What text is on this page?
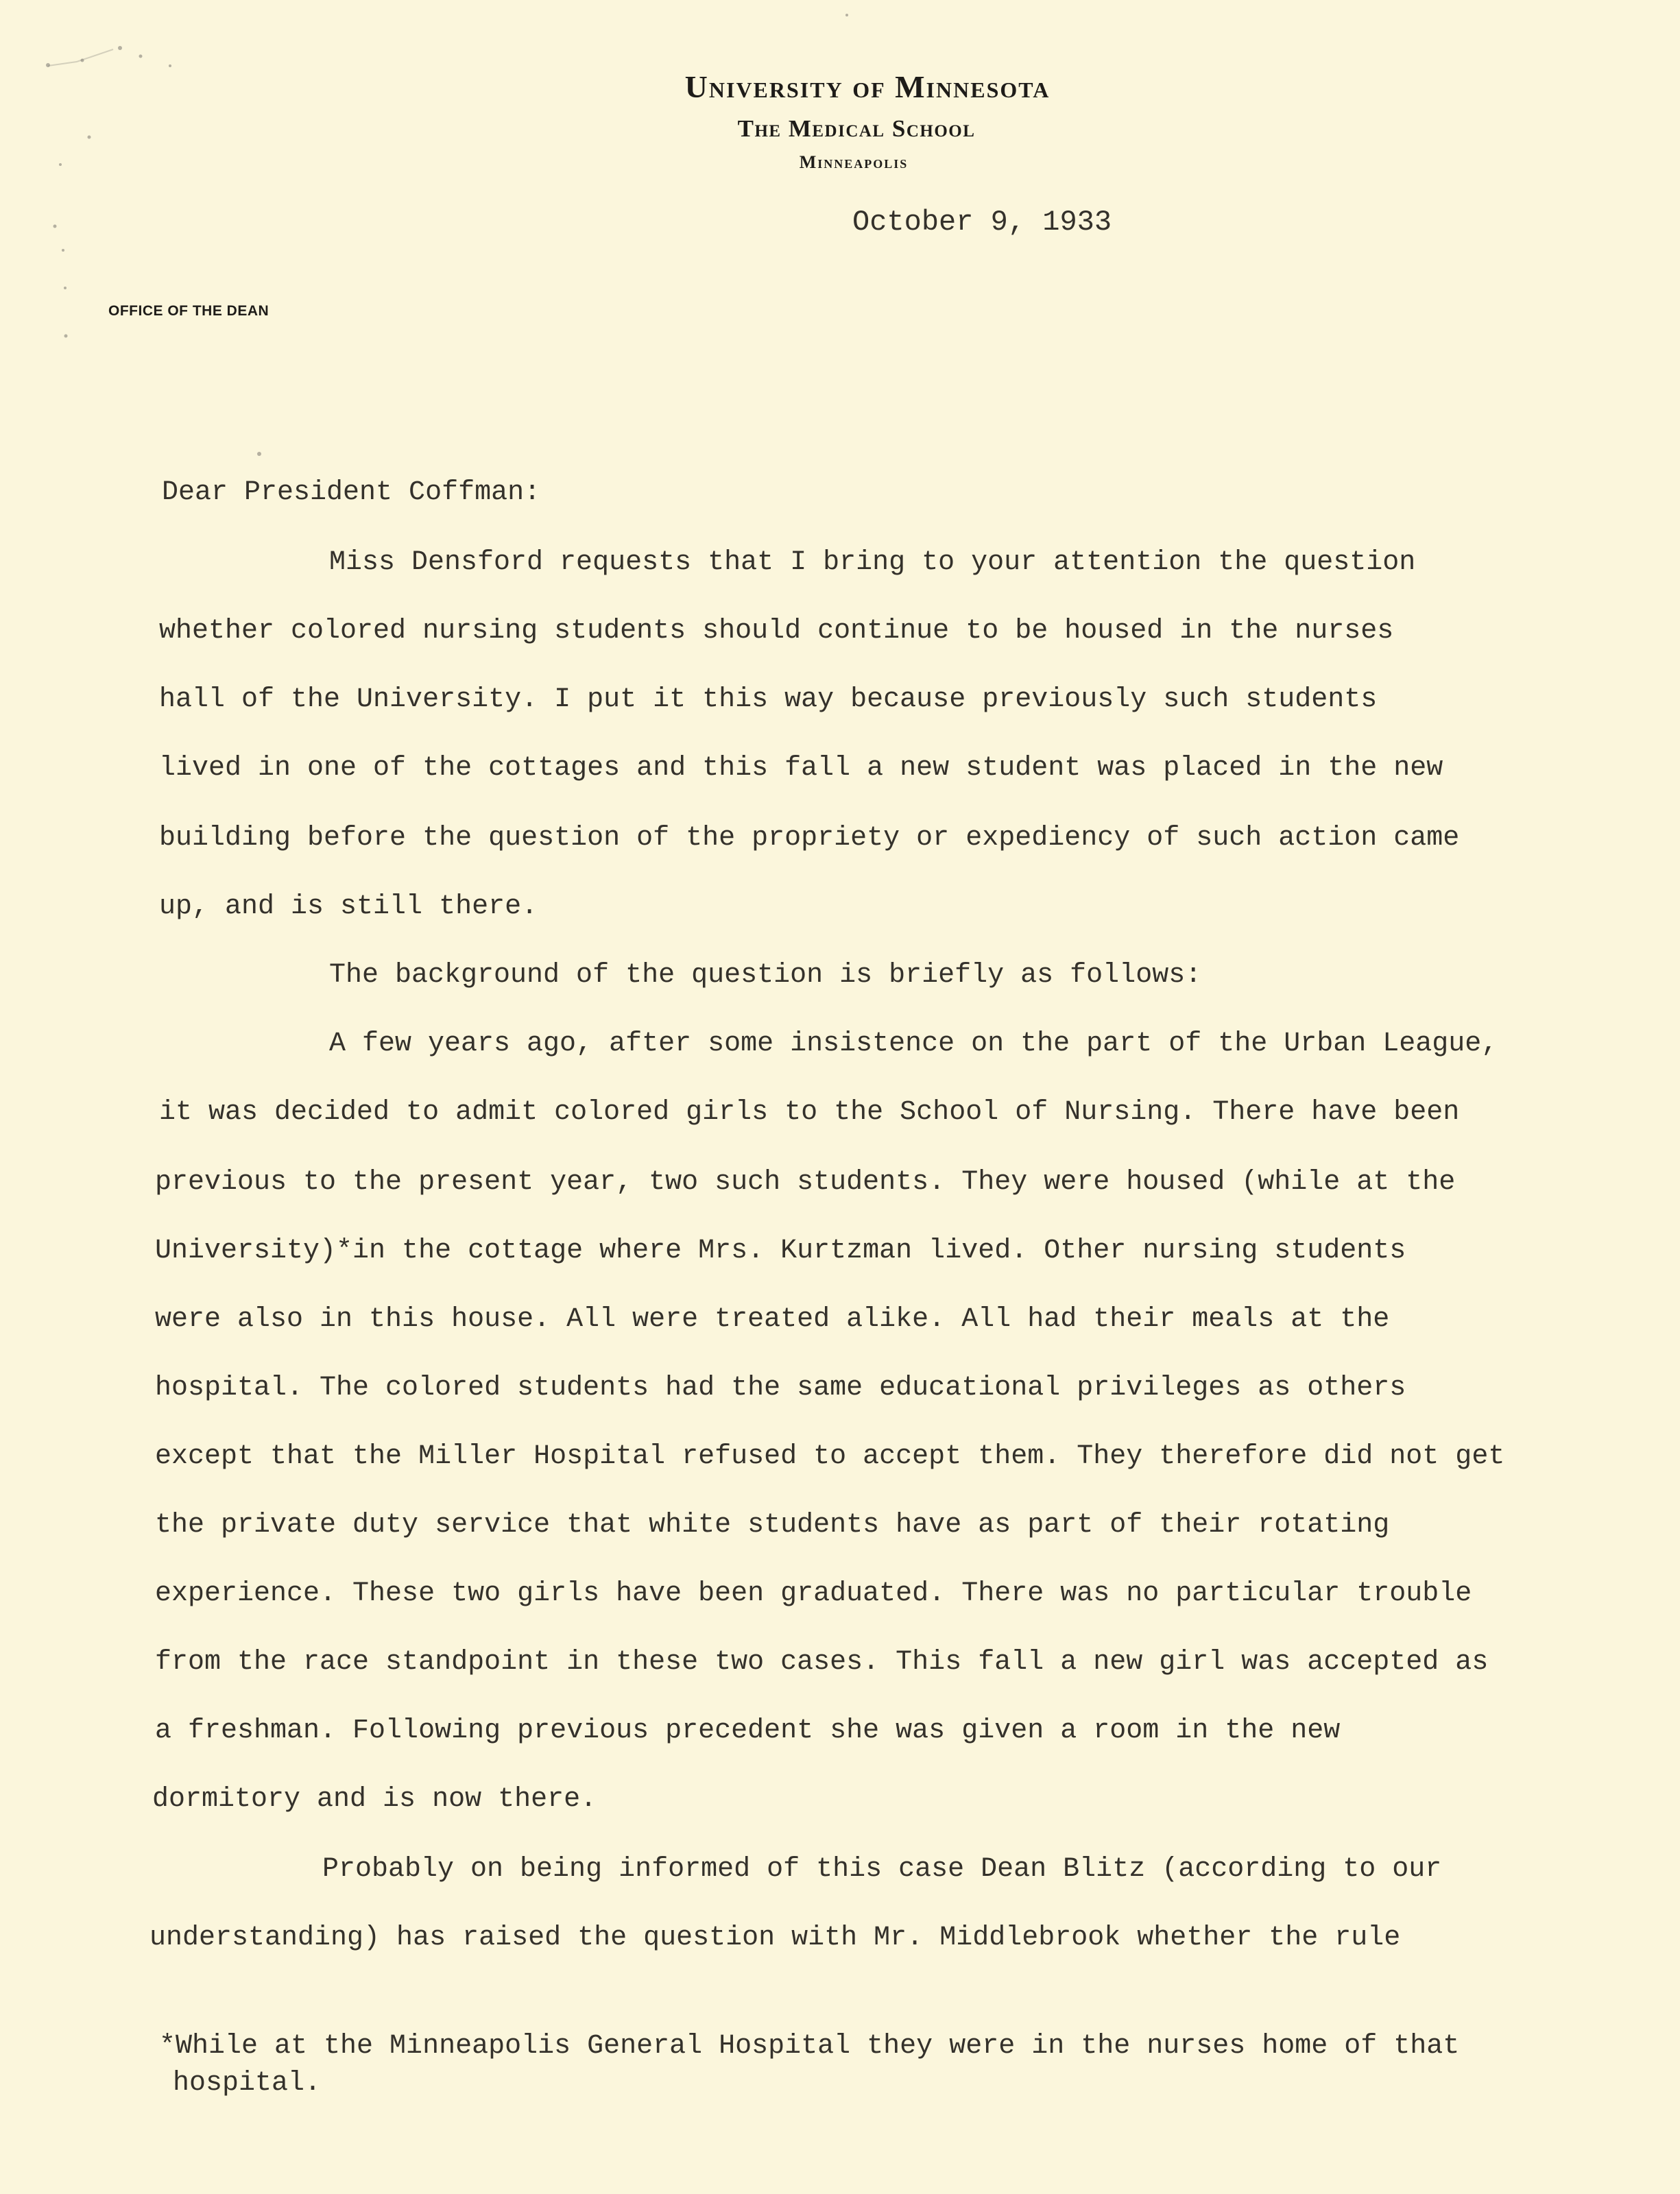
University of Minnesota
The Medical School
Minneapolis
OFFICE OF THE DEAN
October 9, 1933
Dear President Coffman:
Miss Densford requests that I bring to your attention the question
whether colored nursing students should continue to be housed in the nurses
hall of the University. I put it this way because previously such students
lived in one of the cottages and this fall a new student was placed in the new
building before the question of the propriety or expediency of such action came
up, and is still there.
The background of the question is briefly as follows:
A few years ago, after some insistence on the part of the Urban League,
it was decided to admit colored girls to the School of Nursing. There have been
previous to the present year, two such students. They were housed (while at the
University)*in the cottage where Mrs. Kurtzman lived. Other nursing students
were also in this house. All were treated alike. All had their meals at the
hospital. The colored students had the same educational privileges as others
except that the Miller Hospital refused to accept them. They therefore did not get
the private duty service that white students have as part of their rotating
experience. These two girls have been graduated. There was no particular trouble
from the race standpoint in these two cases. This fall a new girl was accepted as
a freshman. Following previous precedent she was given a room in the new
dormitory and is now there.
Probably on being informed of this case Dean Blitz (according to our
understanding) has raised the question with Mr. Middlebrook whether the rule
*While at the Minneapolis General Hospital they were in the nurses home of that
hospital.
